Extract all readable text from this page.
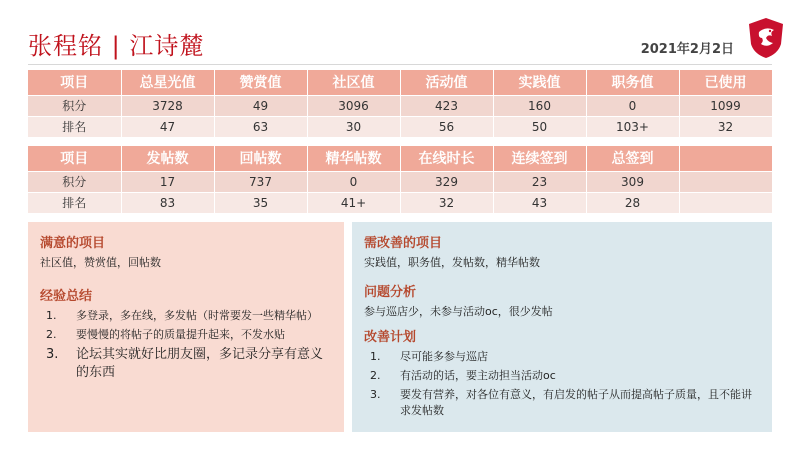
张程铭 | 江诗麓	2021年2月2日
项目	总星光值	赞赏值	社区值	活动值	实践值	职务值	已使用
积分	3728	49	3096	423	160	0	1099
排名	47	63	30	56	50	103+	32
项目	发帖数	回帖数	精华帖数	在线时长	连续签到	总签到	
积分	17	737	0	329	23	309	
排名	83	35	41+	32	43	28	
满意的项目
社区值，赞赏值，回帖数
经验总结
1.	多登录，多在线，多发帖（时常要发一些精华帖）
2.	要慢慢的将帖子的质量提升起来，不发水贴
3.	论坛其实就好比朋友圈，多记录分享有意义的东西
需改善的项目
实践值，职务值，发帖数，精华帖数
问题分析
参与巡店少，未参与活动oc，很少发帖
改善计划
1.	尽可能多参与巡店
2.	有活动的话，要主动担当活动oc
3.	要发有营养，对各位有意义，有启发的帖子从而提高帖子质量，且不能讲求发帖数
